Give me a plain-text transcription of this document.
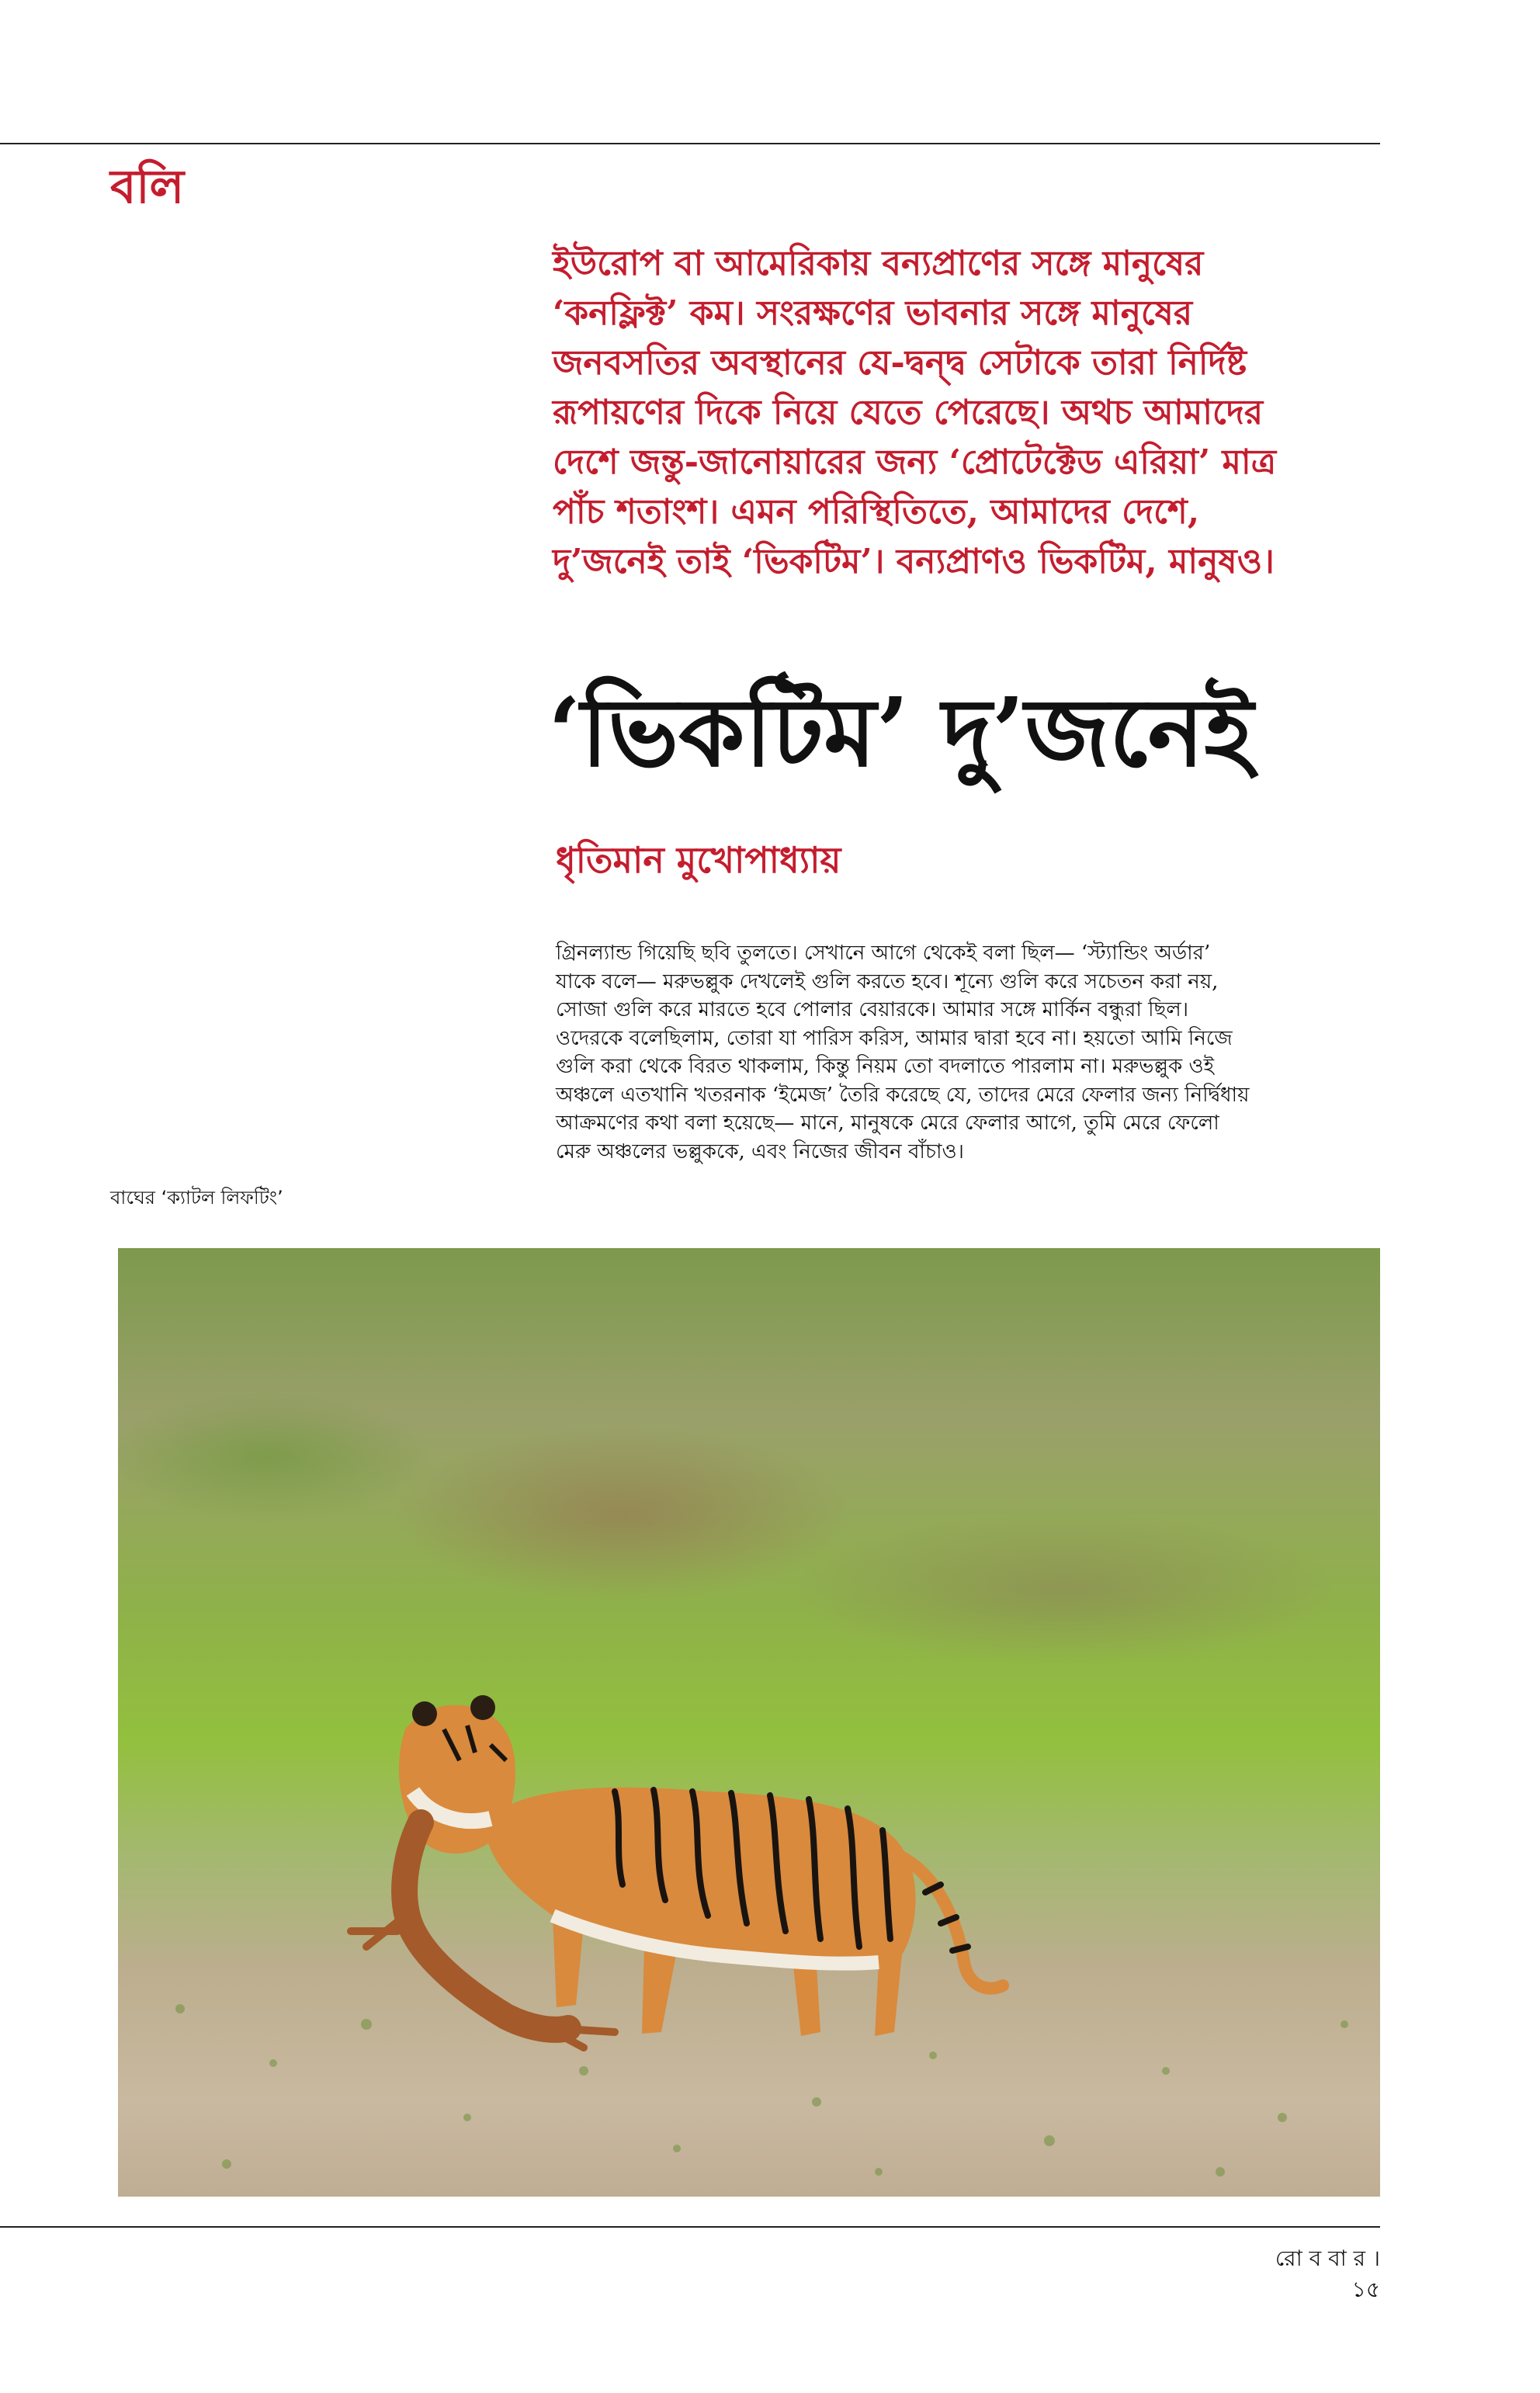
বলি
ইউরোপ বা আমেরিকায় বন্যপ্রাণের সঙ্গে মানুষের
‘কনফ্লিক্ট’ কম। সংরক্ষণের ভাবনার সঙ্গে মানুষের
জনবসতির অবস্থানের যে-দ্বন্দ্ব সেটাকে তারা নির্দিষ্ট
রূপায়ণের দিকে নিয়ে যেতে পেরেছে। অথচ আমাদের
দেশে জন্তু-জানোয়ারের জন্য ‘প্রোটেক্টেড এরিয়া’ মাত্র
পাঁচ শতাংশ। এমন পরিস্থিতিতে, আমাদের দেশে,
দু’জনেই তাই ‘ভিকটিম’। বন্যপ্রাণও ভিকটিম, মানুষও।
‘ভিকটিম’ দু’জনেই
ধৃতিমান মুখোপাধ্যায়
গ্রিনল্যান্ড গিয়েছি ছবি তুলতে। সেখানে আগে থেকেই বলা ছিল— ‘স্ট্যান্ডিং অর্ডার’
যাকে বলে— মরুভল্লুক দেখলেই গুলি করতে হবে। শূন্যে গুলি করে সচেতন করা নয়,
সোজা গুলি করে মারতে হবে পোলার বেয়ারকে। আমার সঙ্গে মার্কিন বন্ধুরা ছিল।
ওদেরকে বলেছিলাম, তোরা যা পারিস করিস, আমার দ্বারা হবে না। হয়তো আমি নিজে
গুলি করা থেকে বিরত থাকলাম, কিন্তু নিয়ম তো বদলাতে পারলাম না। মরুভল্লুক ওই
অঞ্চলে এতখানি খতরনাক ‘ইমেজ’ তৈরি করেছে যে, তাদের মেরে ফেলার জন্য নির্দ্বিধায়
আক্রমণের কথা বলা হয়েছে— মানে, মানুষকে মেরে ফেলার আগে, তুমি মেরে ফেলো
মেরু অঞ্চলের ভল্লুককে, এবং নিজের জীবন বাঁচাও।
বাঘের ‘ক্যাটল লিফটিং’
রো ব বা র । ১৫
